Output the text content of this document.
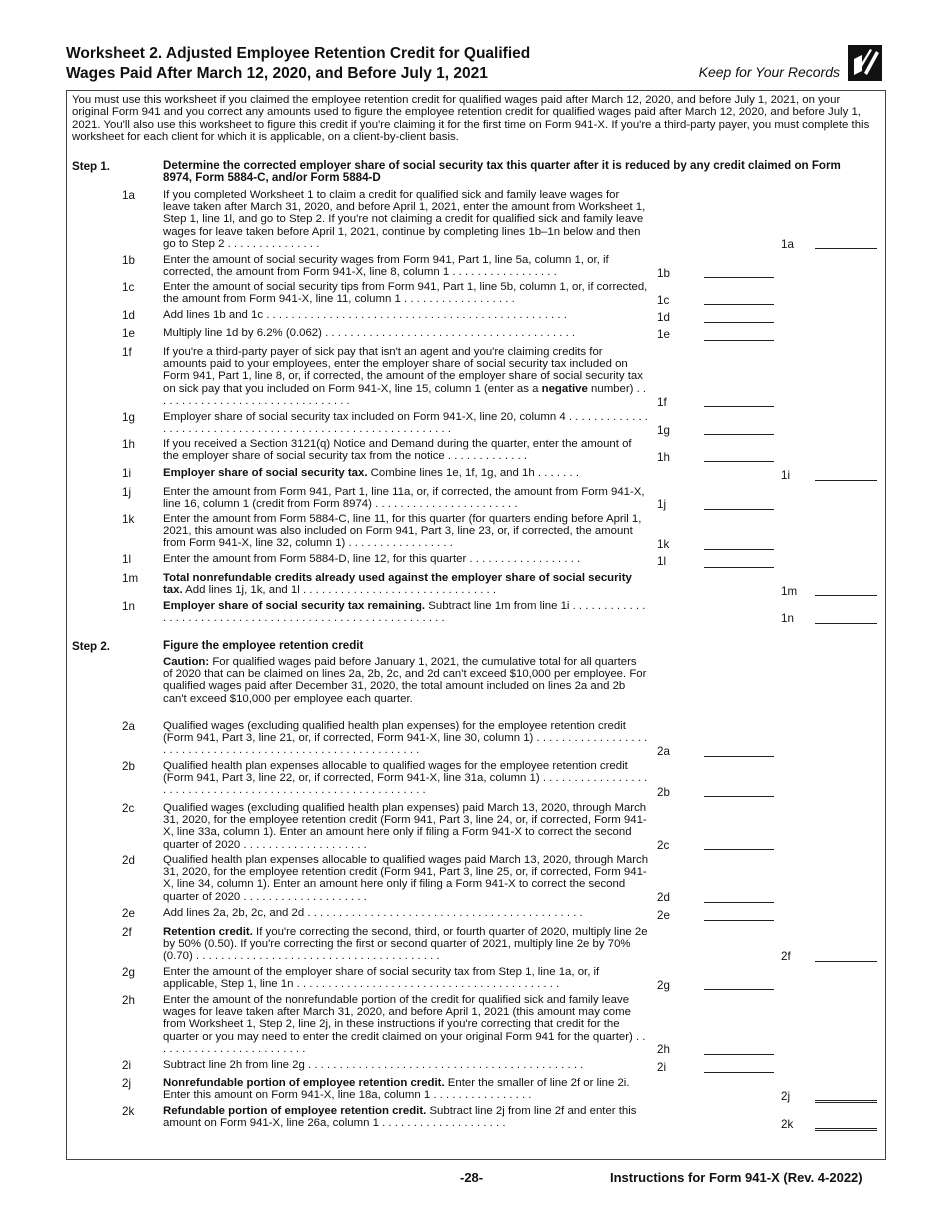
Worksheet 2. Adjusted Employee Retention Credit for Qualified
Wages Paid After March 12, 2020, and Before July 1, 2021	Keep for Your Records
You must use this worksheet if you claimed the employee retention credit for qualified wages paid after March 12, 2020, and before July 1, 2021, on your original Form 941 and you correct any amounts used to figure the employee retention credit for qualified wages paid after March 12, 2020, and before July 1, 2021. You'll also use this worksheet to figure this credit if you're claiming it for the first time on Form 941-X. If you're a third-party payer, you must complete this worksheet for each client for which it is applicable, on a client-by-client basis.
Step 1.	Determine the corrected employer share of social security tax this quarter after it is reduced by any credit claimed on Form 8974, Form 5884-C, and/or Form 5884-D
1a If you completed Worksheet 1 to claim a credit for qualified sick and family leave wages for leave taken after March 31, 2020, and before April 1, 2021, enter the amount from Worksheet 1, Step 1, line 1l, and go to Step 2. If you're not claiming a credit for qualified sick and family leave wages for leave taken before April 1, 2021, continue by completing lines 1b–1n below and then go to Step 2 . . . . . . . . . . . . . . .	1a
1b Enter the amount of social security wages from Form 941, Part 1, line 5a, column 1, or, if corrected, the amount from Form 941-X, line 8, column 1 . . . . . . . . . . . . . . . . .	1b
1c	Enter the amount of social security tips from Form 941, Part 1, line 5b, column 1, or, if corrected, the amount from Form 941-X, line 11, column 1 . . . . . . . . . . . . . . . . . .	1c
1d Add lines 1b and 1c . . . . . . . . . . . . . . . . . . . . . . . . . . . . . . . . . . . . . . . . . . . . . . . .	1d
1e Multiply line 1d by 6.2% (0.062) . . . . . . . . . . . . . . . . . . . . . . . . . . . . . . . . . . . . . . . .	1e
1f	If you're a third-party payer of sick pay that isn't an agent and you're claiming credits for amounts paid to your employees, enter the employer share of social security tax included on Form 941, Part 1, line 8, or, if corrected, the amount of the employer share of social security tax on sick pay that you included on Form 941-X, line 15, column 1 (enter as a negative number) . . . . . . . . . . . . . . . . . . . . . . . . . . . . . . . .	1f
1g Employer share of social security tax included on Form 941-X, line 20, column 4 . . . . . . . . . . . . . . . . . . . . . . . . . . . . . . . . . . . . . . . . . . . . . . . . . . . . . . . . . . .	1g
1h If you received a Section 3121(q) Notice and Demand during the quarter, enter the amount of the employer share of social security tax from the notice . . . . . . . . . . . . .	1h
1i	Employer share of social security tax. Combine lines 1e, 1f, 1g, and 1h . . . . . . .	1i
1j	Enter the amount from Form 941, Part 1, line 11a, or, if corrected, the amount from Form 941-X, line 16, column 1 (credit from Form 8974) . . . . . . . . . . . . . . . . . . . . . . .	1j
1k	Enter the amount from Form 5884-C, line 11, for this quarter (for quarters ending before April 1, 2021, this amount was also included on Form 941, Part 3, line 23, or, if corrected, the amount from Form 941-X, line 32, column 1) . . . . . . . . . . . . . . . . .	1k
1l	Enter the amount from Form 5884-D, line 12, for this quarter . . . . . . . . . . . . . . . . . .	1l
1m Total nonrefundable credits already used against the employer share of social security tax. Add lines 1j, 1k, and 1l . . . . . . . . . . . . . . . . . . . . . . . . . . . . . . .	1m
1n Employer share of social security tax remaining. Subtract line 1m from line 1i . . . . . . . . . . . . . . . . . . . . . . . . . . . . . . . . . . . . . . . . . . . . . . . . . . . . . . . . .	1n
Step 2.	Figure the employee retention credit
Caution: For qualified wages paid before January 1, 2021, the cumulative total for all quarters of 2020 that can be claimed on lines 2a, 2b, 2c, and 2d can't exceed $10,000 per employee. For qualified wages paid after December 31, 2020, the total amount included on lines 2a and 2b can't exceed $10,000 per employee each quarter.
2a Qualified wages (excluding qualified health plan expenses) for the employee retention credit (Form 941, Part 3, line 21, or, if corrected, Form 941-X, line 30, column 1) . . . . . . . . . . . . . . . . . . . . . . . . . . . . . . . . . . . . . . . . . . . . . . . . . . . . . . . . . . .	2a
2b Qualified health plan expenses allocable to qualified wages for the employee retention credit (Form 941, Part 3, line 22, or, if corrected, Form 941-X, line 31a, column 1) . . . . . . . . . . . . . . . . . . . . . . . . . . . . . . . . . . . . . . . . . . . . . . . . . . . . . . . . . . .	2b
2c	Qualified wages (excluding qualified health plan expenses) paid March 13, 2020, through March 31, 2020, for the employee retention credit (Form 941, Part 3, line 24, or, if corrected, Form 941-X, line 33a, column 1). Enter an amount here only if filing a Form 941-X to correct the second quarter of 2020 . . . . . . . . . . . . . . . . . . . .	2c
2d Qualified health plan expenses allocable to qualified wages paid March 13, 2020, through March 31, 2020, for the employee retention credit (Form 941, Part 3, line 25, or, if corrected, Form 941-X, line 34, column 1). Enter an amount here only if filing a Form 941-X to correct the second quarter of 2020 . . . . . . . . . . . . . . . . . . . .	2d
2e Add lines 2a, 2b, 2c, and 2d . . . . . . . . . . . . . . . . . . . . . . . . . . . . . . . . . . . . . . . . . . . .	2e
2f	Retention credit. If you're correcting the second, third, or fourth quarter of 2020, multiply line 2e by 50% (0.50). If you're correcting the first or second quarter of 2021, multiply line 2e by 70% (0.70) . . . . . . . . . . . . . . . . . . . . . . . . . . . . . . . . . . . . . . .	2f
2g Enter the amount of the employer share of social security tax from Step 1, line 1a, or, if applicable, Step 1, line 1n . . . . . . . . . . . . . . . . . . . . . . . . . . . . . . . . . . . . . . . . . .	2g
2h Enter the amount of the nonrefundable portion of the credit for qualified sick and family leave wages for leave taken after March 31, 2020, and before April 1, 2021 (this amount may come from Worksheet 1, Step 2, line 2j, in these instructions if you're correcting that credit for the quarter or you may need to enter the credit claimed on your original Form 941 for the quarter) . . . . . . . . . . . . . . . . . . . . . . . . .	2h
2i	Subtract line 2h from line 2g . . . . . . . . . . . . . . . . . . . . . . . . . . . . . . . . . . . . . . . . . . . .	2i
2j	Nonrefundable portion of employee retention credit. Enter the smaller of line 2f or line 2i. Enter this amount on Form 941-X, line 18a, column 1 . . . . . . . . . . . . . . . .	2j
2k	Refundable portion of employee retention credit. Subtract line 2j from line 2f and enter this amount on Form 941-X, line 26a, column 1 . . . . . . . . . . . . . . . . . . . .	2k
-28-	Instructions for Form 941-X (Rev. 4-2022)
